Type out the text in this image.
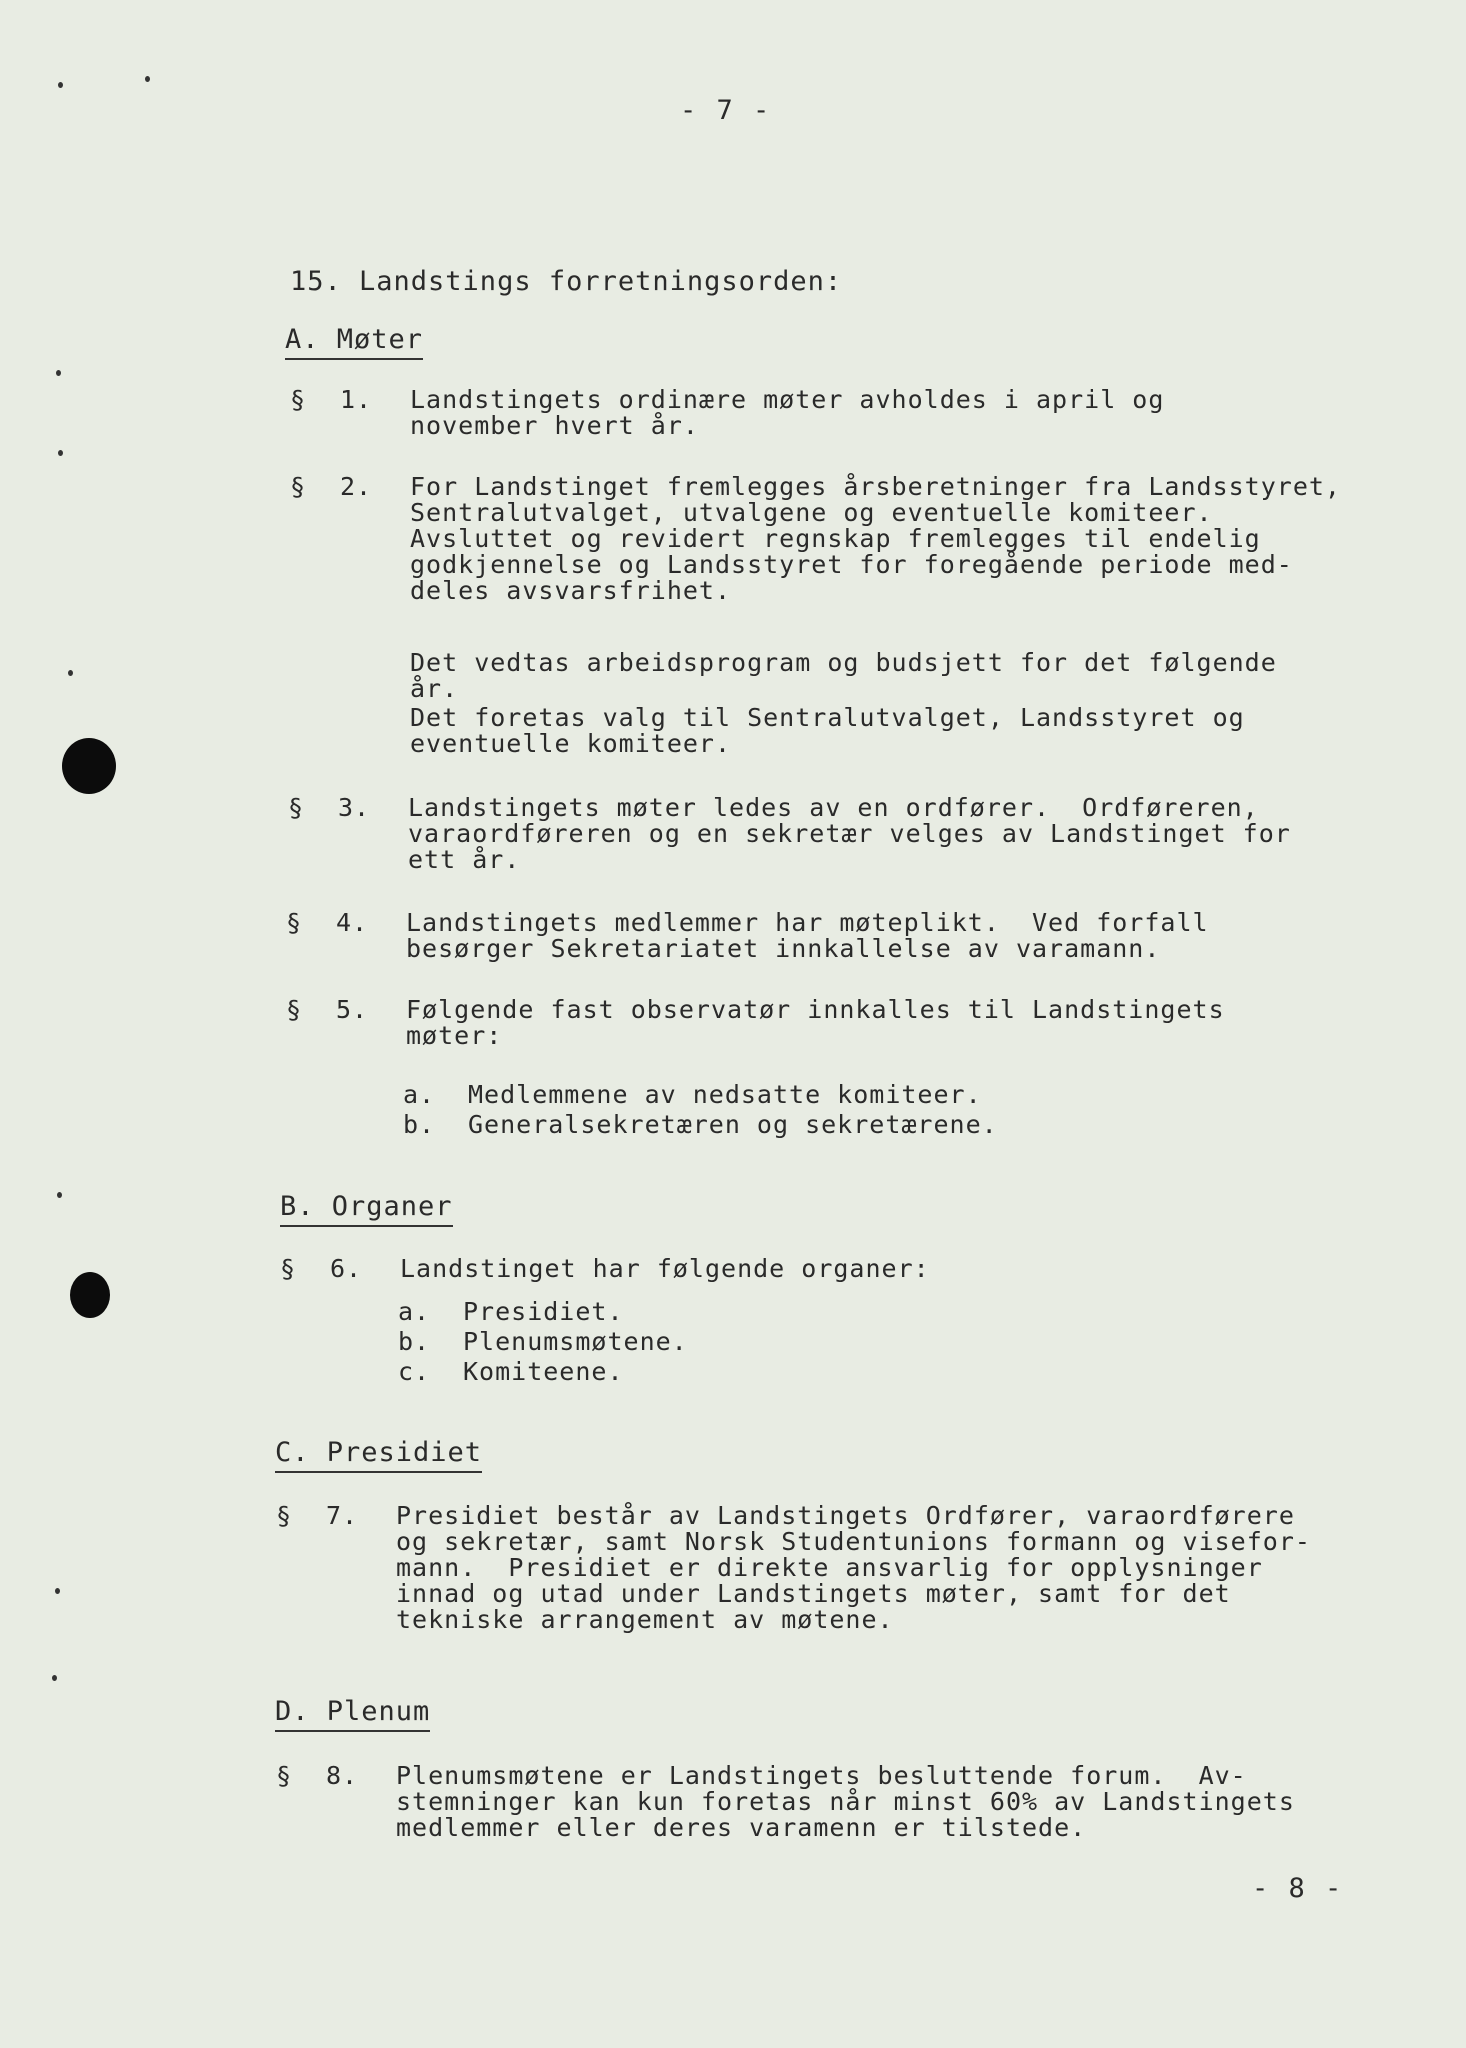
- 7 -
15. Landstings forretningsorden:
A. Møter
§ 1. Landstingets ordinære møter avholdes i april og
november hvert år.
§ 2. For Landstinget fremlegges årsberetninger fra Landsstyret,
Sentralutvalget, utvalgene og eventuelle komiteer.
Avsluttet og revidert regnskap fremlegges til endelig
godkjennelse og Landsstyret for foregående periode med-
deles avsvarsfrihet.
Det vedtas arbeidsprogram og budsjett for det følgende
år.
Det foretas valg til Sentralutvalget, Landsstyret og
eventuelle komiteer.
§ 3. Landstingets møter ledes av en ordfører.  Ordføreren,
varaordføreren og en sekretær velges av Landstinget for
ett år.
§ 4. Landstingets medlemmer har møteplikt.  Ved forfall
besørger Sekretariatet innkallelse av varamann.
§ 5. Følgende fast observatør innkalles til Landstingets
møter:
a. Medlemmene av nedsatte komiteer.
b. Generalsekretæren og sekretærene.
B. Organer
§ 6. Landstinget har følgende organer:
a. Presidiet.
b. Plenumsmøtene.
c. Komiteene.
C. Presidiet
§ 7. Presidiet består av Landstingets Ordfører, varaordførere
og sekretær, samt Norsk Studentunions formann og visefor-
mann.  Presidiet er direkte ansvarlig for opplysninger
innad og utad under Landstingets møter, samt for det
tekniske arrangement av møtene.
D. Plenum
§ 8. Plenumsmøtene er Landstingets besluttende forum.  Av-
stemninger kan kun foretas når minst 60% av Landstingets
medlemmer eller deres varamenn er tilstede.
- 8 -
